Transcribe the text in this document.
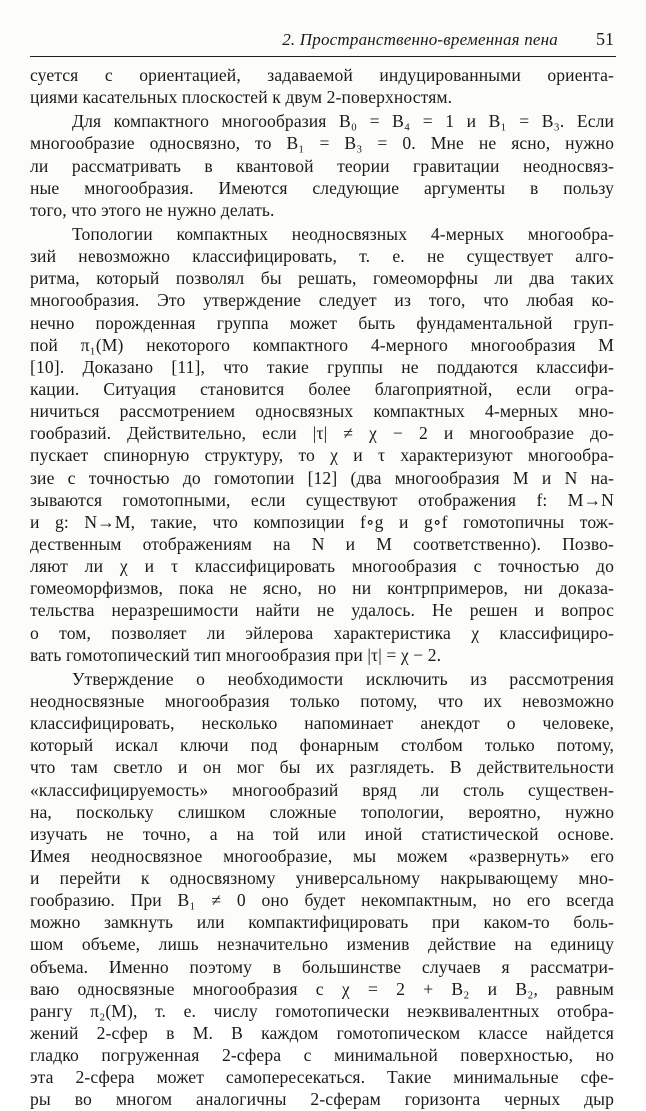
2. Пространственно-временная пена 51
суется с ориентацией, задаваемой индуцированными ориента-
циями касательных плоскостей к двум 2-поверхностям.
Для компактного многообразия B₀ = B₄ = 1 и B₁ = B₃. Если
многообразие односвязно, то B₁ = B₃ = 0. Мне не ясно, нужно
ли рассматривать в квантовой теории гравитации неодносвяз-
ные многообразия. Имеются следующие аргументы в пользу
того, что этого не нужно делать.
Топологии компактных неодносвязных 4-мерных многообра-
зий невозможно классифицировать, т. е. не существует алго-
ритма, который позволял бы решать, гомеоморфны ли два таких
многообразия. Это утверждение следует из того, что любая ко-
нечно порожденная группа может быть фундаментальной груп-
пой π₁(M) некоторого компактного 4-мерного многообразия M
[10]. Доказано [11], что такие группы не поддаются классифи-
кации. Ситуация становится более благоприятной, если огра-
ничиться рассмотрением односвязных компактных 4-мерных мно-
гообразий. Действительно, если |τ| ≠ χ − 2 и многообразие до-
пускает спинорную структуру, то χ и τ характеризуют многообра-
зие с точностью до гомотопии [12] (два многообразия M и N на-
зываются гомотопными, если существуют отображения f: M→N
и g: N→M, такие, что композиции f∘g и g∘f гомотопичны тож-
дественным отображениям на N и M соответственно). Позво-
ляют ли χ и τ классифицировать многообразия с точностью до
гомеоморфизмов, пока не ясно, но ни контрпримеров, ни доказа-
тельства неразрешимости найти не удалось. Не решен и вопрос
о том, позволяет ли эйлерова характеристика χ классифициро-
вать гомотопический тип многообразия при |τ| = χ − 2.
Утверждение о необходимости исключить из рассмотрения
неодносвязные многообразия только потому, что их невозможно
классифицировать, несколько напоминает анекдот о человеке,
который искал ключи под фонарным столбом только потому,
что там светло и он мог бы их разглядеть. В действительности
«классифицируемость» многообразий вряд ли столь существен-
на, поскольку слишком сложные топологии, вероятно, нужно
изучать не точно, а на той или иной статистической основе.
Имея неодносвязное многообразие, мы можем «развернуть» его
и перейти к односвязному универсальному накрывающему мно-
гообразию. При B₁ ≠ 0 оно будет некомпактным, но его всегда
можно замкнуть или компактифицировать при каком-то боль-
шом объеме, лишь незначительно изменив действие на единицу
объема. Именно поэтому в большинстве случаев я рассматри-
ваю односвязные многообразия с χ = 2 + B₂ и B₂, равным
рангу π₂(M), т. е. числу гомотопически неэквивалентных отобра-
жений 2-сфер в M. В каждом гомотопическом классе найдется
гладко погруженная 2-сфера с минимальной поверхностью, но
эта 2-сфера может самопересекаться. Такие минимальные сфе-
ры во многом аналогичны 2-сферам горизонта черных дыр
